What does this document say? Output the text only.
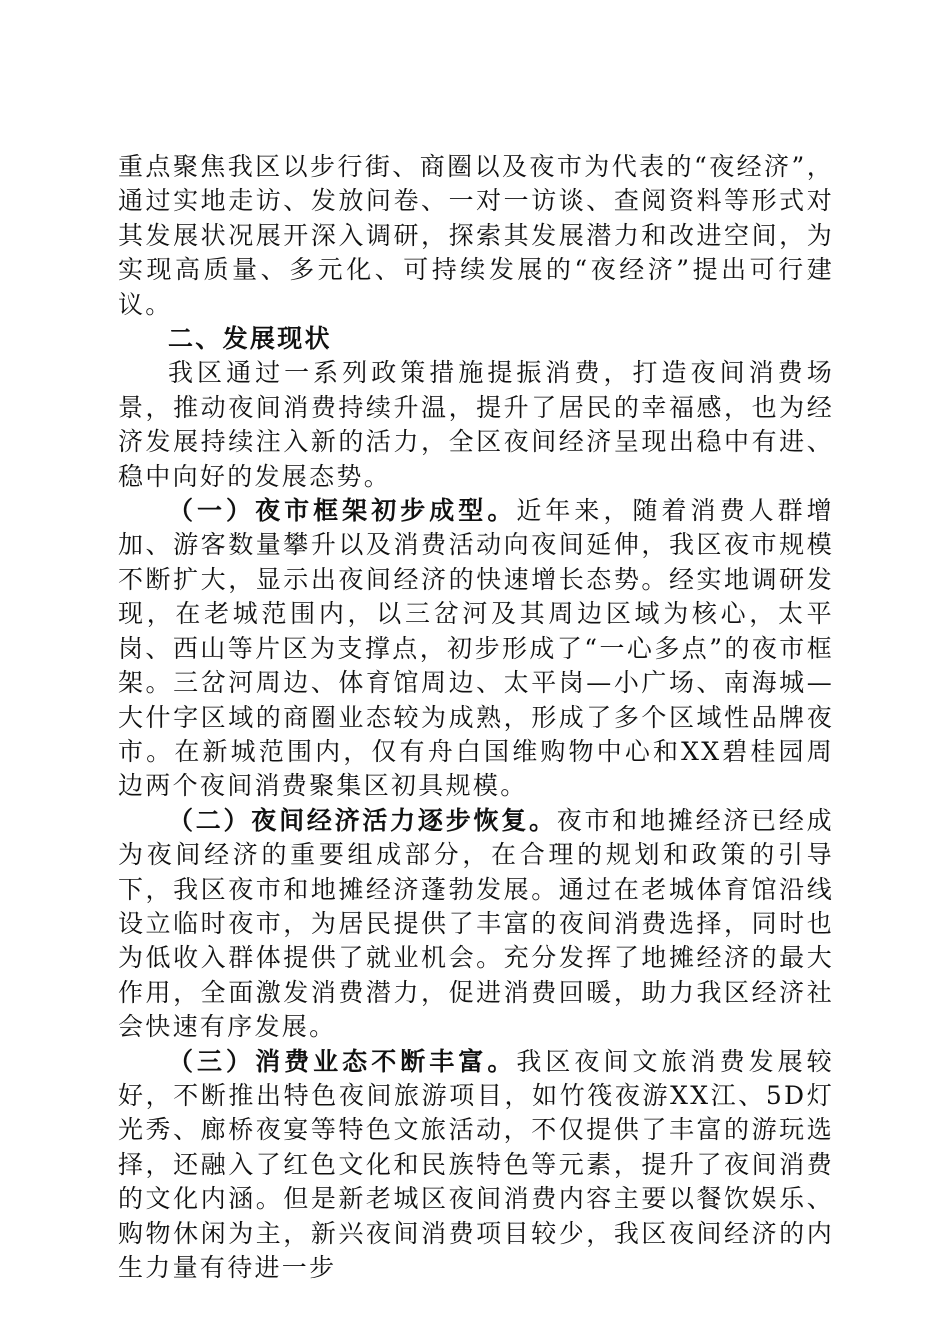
重点聚焦我区以步行街、商圈以及夜市为代表的“夜经济”，通过实地走访、发放问卷、一对一访谈、查阅资料等形式对其发展状况展开深入调研，探索其发展潜力和改进空间，为实现高质量、多元化、可持续发展的“夜经济”提出可行建议。

二、发展现状

我区通过一系列政策措施提振消费，打造夜间消费场景，推动夜间消费持续升温，提升了居民的幸福感，也为经济发展持续注入新的活力，全区夜间经济呈现出稳中有进、稳中向好的发展态势。

（一）夜市框架初步成型。近年来，随着消费人群增加、游客数量攀升以及消费活动向夜间延伸，我区夜市规模不断扩大，显示出夜间经济的快速增长态势。经实地调研发现，在老城范围内，以三岔河及其周边区域为核心，太平岗、西山等片区为支撑点，初步形成了“一心多点”的夜市框架。三岔河周边、体育馆周边、太平岗—小广场、南海城—大什字区域的商圈业态较为成熟，形成了多个区域性品牌夜市。在新城范围内，仅有舟白国维购物中心和XX碧桂园周边两个夜间消费聚集区初具规模。

（二）夜间经济活力逐步恢复。夜市和地摊经济已经成为夜间经济的重要组成部分，在合理的规划和政策的引导下，我区夜市和地摊经济蓬勃发展。通过在老城体育馆沿线设立临时夜市，为居民提供了丰富的夜间消费选择，同时也为低收入群体提供了就业机会。充分发挥了地摊经济的最大作用，全面激发消费潜力，促进消费回暖，助力我区经济社会快速有序发展。

（三）消费业态不断丰富。我区夜间文旅消费发展较好，不断推出特色夜间旅游项目，如竹筏夜游XX江、5D灯光秀、廊桥夜宴等特色文旅活动，不仅提供了丰富的游玩选择，还融入了红色文化和民族特色等元素，提升了夜间消费的文化内涵。但是新老城区夜间消费内容主要以餐饮娱乐、购物休闲为主，新兴夜间消费项目较少，我区夜间经济的内生力量有待进一步
